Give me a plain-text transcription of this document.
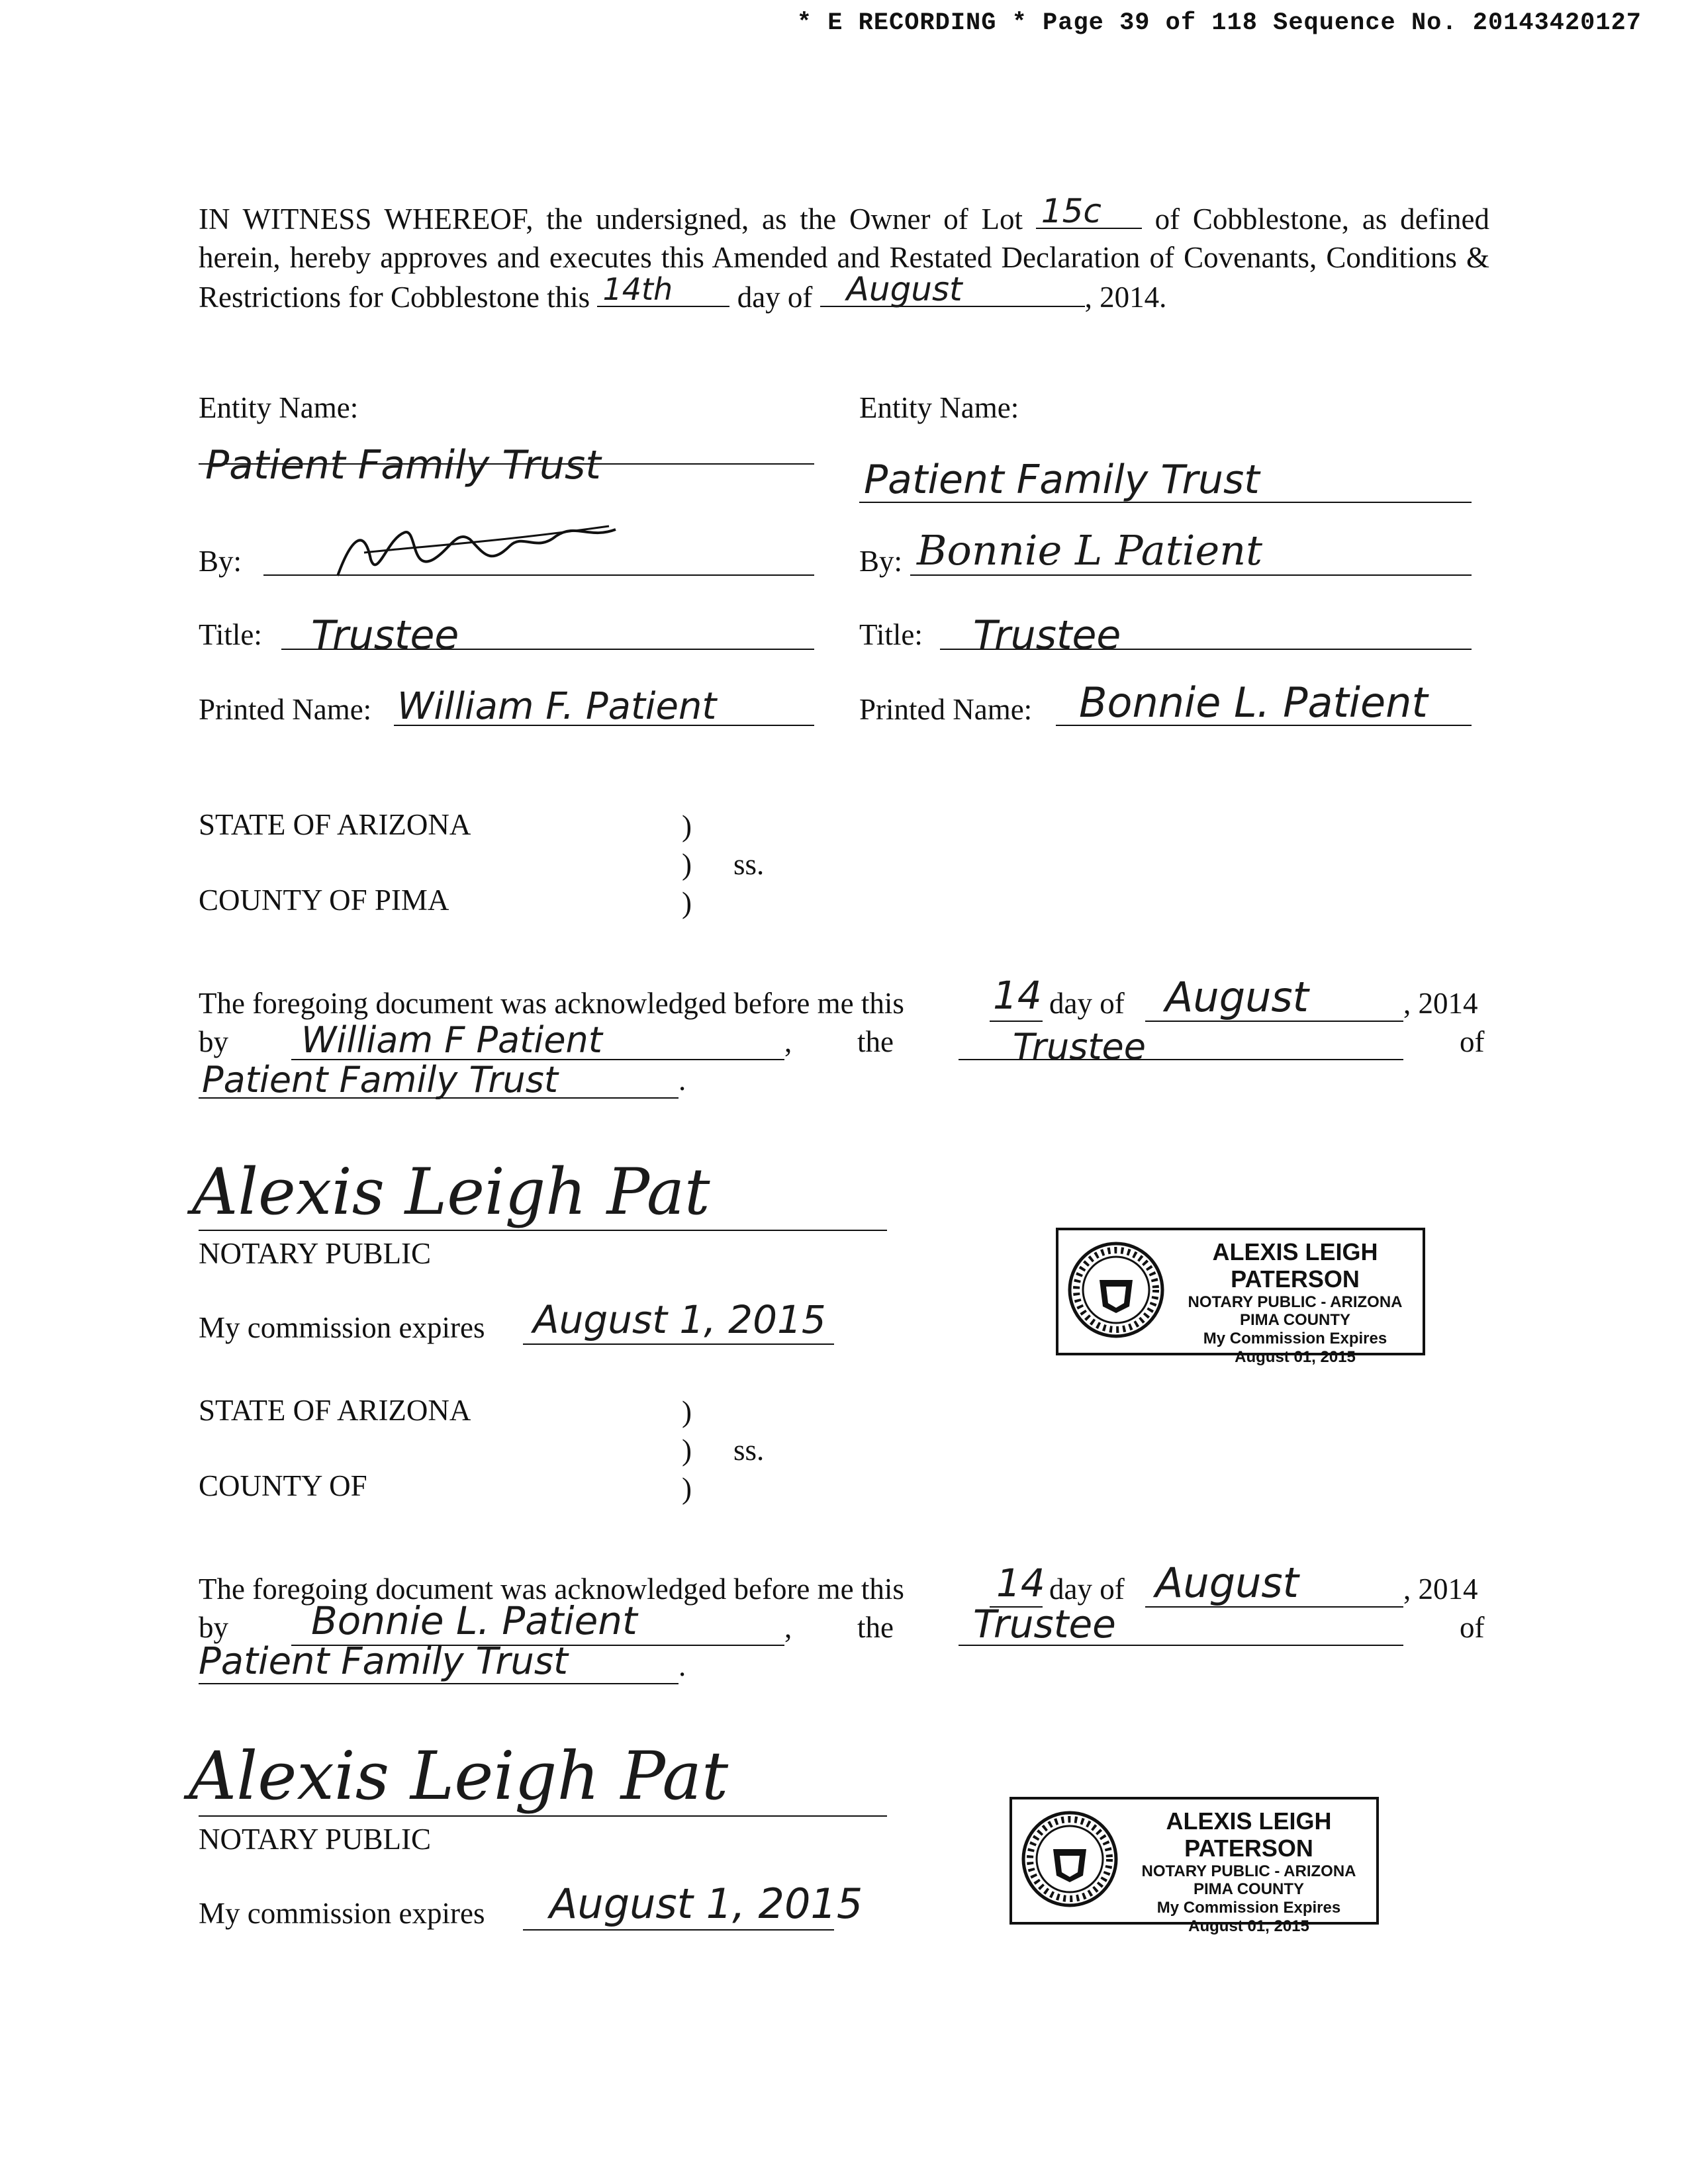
* E RECORDING * Page 39 of 118 Sequence No. 20143420127
IN WITNESS WHEREOF, the undersigned, as the Owner of Lot 15c of Cobblestone, as defined herein, hereby approves and executes this Amended and Restated Declaration of Covenants, Conditions & Restrictions for Cobblestone this 14th day of August	, 2014.
Entity Name:
Patient Family Trust
By:
Title: Trustee
Printed Name: William F. Patient
Entity Name:
Patient Family Trust
By: Bonnie L Patient
Title: Trustee
Printed Name: Bonnie L. Patient
STATE OF ARIZONA
COUNTY OF PIMA
)
)
)
ss.
The foregoing document was acknowledged before me this 14 day of August	, 2014
by William F Patient	, the	Trustee	of
Patient Family Trust	.
Alexis Leigh Pat
NOTARY PUBLIC
My commission expires August 1, 2015
ALEXIS LEIGH PATERSON
NOTARY PUBLIC - ARIZONA
PIMA COUNTY
My Commission Expires
August 01, 2015
STATE OF ARIZONA
COUNTY OF
)
)
)
ss.
The foregoing document was acknowledged before me this 14 day of August	, 2014
by Bonnie L. Patient	, the Trustee	of
Patient Family Trust	.
Alexis Leigh Pat
NOTARY PUBLIC
My commission expires August 1, 2015
ALEXIS LEIGH PATERSON
NOTARY PUBLIC - ARIZONA
PIMA COUNTY
My Commission Expires
August 01, 2015
